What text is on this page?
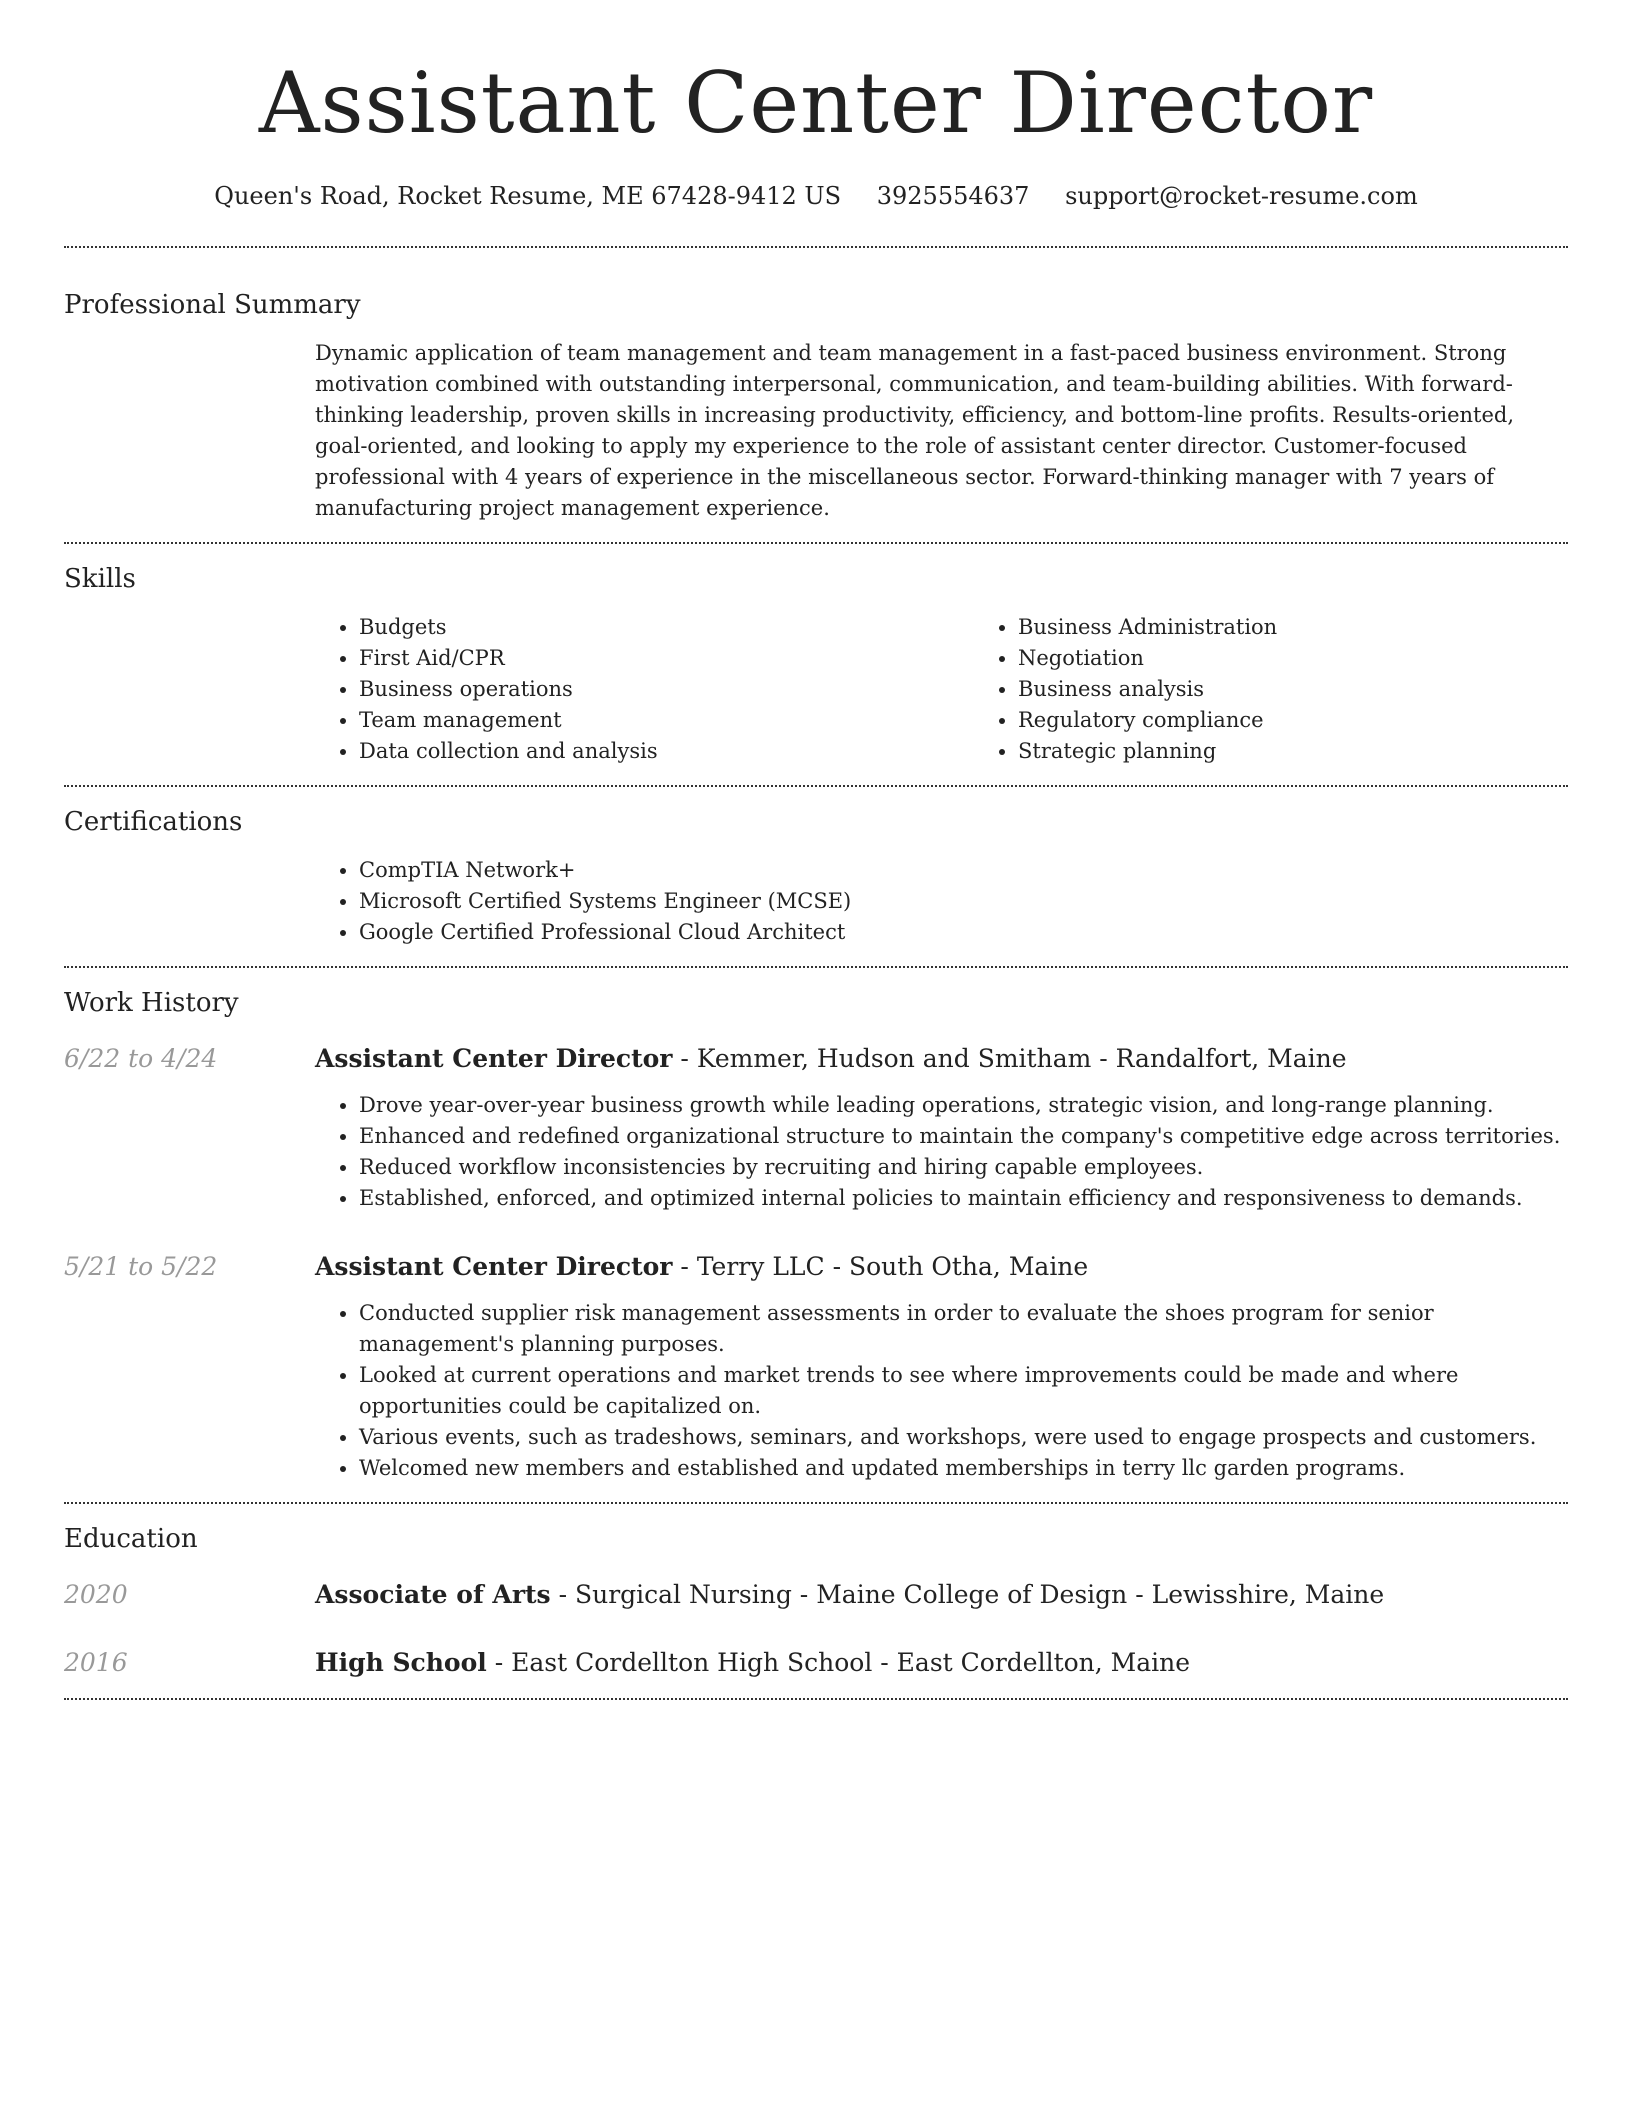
Assistant Center Director
Queen's Road, Rocket Resume, ME 67428-9412 US 3925554637 support@rocket-resume.com
Professional Summary
Dynamic application of team management and team management in a fast-paced business environment. Strong motivation combined with outstanding interpersonal, communication, and team-building abilities. With forward-thinking leadership, proven skills in increasing productivity, efficiency, and bottom-line profits. Results-oriented, goal-oriented, and looking to apply my experience to the role of assistant center director. Customer-focused professional with 4 years of experience in the miscellaneous sector. Forward-thinking manager with 7 years of manufacturing project management experience.
Skills
• Budgets
• First Aid/CPR
• Business operations
• Team management
• Data collection and analysis
• Business Administration
• Negotiation
• Business analysis
• Regulatory compliance
• Strategic planning
Certifications
• CompTIA Network+
• Microsoft Certified Systems Engineer (MCSE)
• Google Certified Professional Cloud Architect
Work History
6/22 to 4/24	Assistant Center Director - Kemmer, Hudson and Smitham - Randalfort, Maine
• Drove year-over-year business growth while leading operations, strategic vision, and long-range planning.
• Enhanced and redefined organizational structure to maintain the company's competitive edge across territories.
• Reduced workflow inconsistencies by recruiting and hiring capable employees.
• Established, enforced, and optimized internal policies to maintain efficiency and responsiveness to demands.
5/21 to 5/22	Assistant Center Director - Terry LLC - South Otha, Maine
• Conducted supplier risk management assessments in order to evaluate the shoes program for senior management's planning purposes.
• Looked at current operations and market trends to see where improvements could be made and where opportunities could be capitalized on.
• Various events, such as tradeshows, seminars, and workshops, were used to engage prospects and customers.
• Welcomed new members and established and updated memberships in terry llc garden programs.
Education
2020	Associate of Arts - Surgical Nursing - Maine College of Design - Lewisshire, Maine
2016	High School - East Cordellton High School - East Cordellton, Maine
